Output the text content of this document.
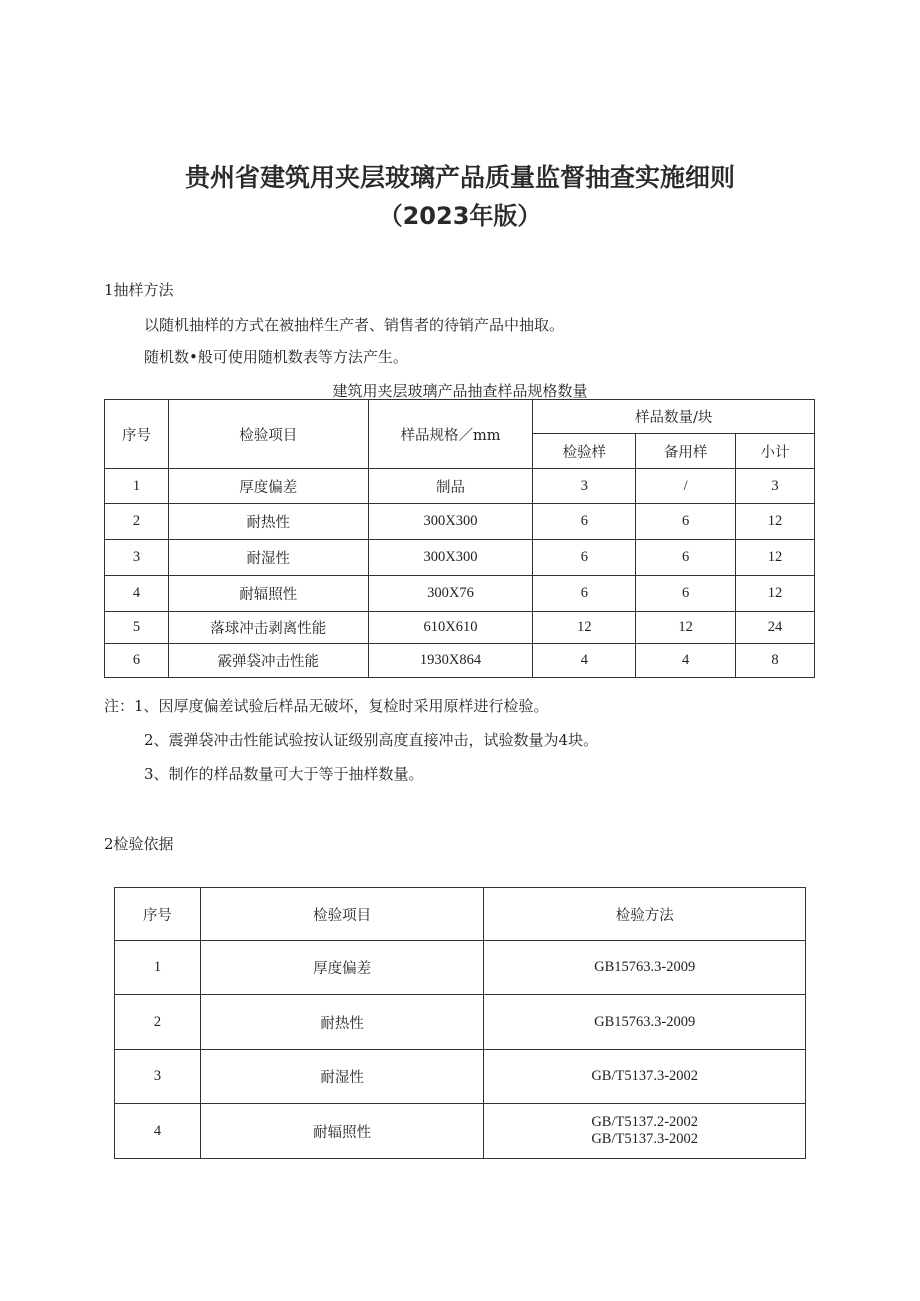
贵州省建筑用夹层玻璃产品质量监督抽查实施细则
（2023年版）
1抽样方法
以随机抽样的方式在被抽样生产者、销售者的待销产品中抽取。
随机数•般可使用随机数表等方法产生。
建筑用夹层玻璃产品抽查样品规格数量
序号	检验项目	样品规格／mm	样品数量/块		
			检验样	备用样	小计
1	厚度偏差	制品	3	/	3
2	耐热性	300X300	6	6	12
3	耐湿性	300X300	6	6	12
4	耐辐照性	300X76	6	6	12
5	落球冲击剥离性能	610X610	12	12	24
6	霰弹袋冲击性能	1930X864	4	4	8
注：1、因厚度偏差试验后样品无破坏，复检时采用原样进行检验。
2、震弹袋冲击性能试验按认证级别高度直接冲击，试验数量为4块。
3、制作的样品数量可大于等于抽样数量。
2检验依据
序号	检验项目	检验方法
1	厚度偏差	GB15763.3-2009
2	耐热性	GB15763.3-2009
3	耐湿性	GB/T5137.3-2002
4	耐辐照性	GB/T5137.2-2002
GB/T5137.3-2002
